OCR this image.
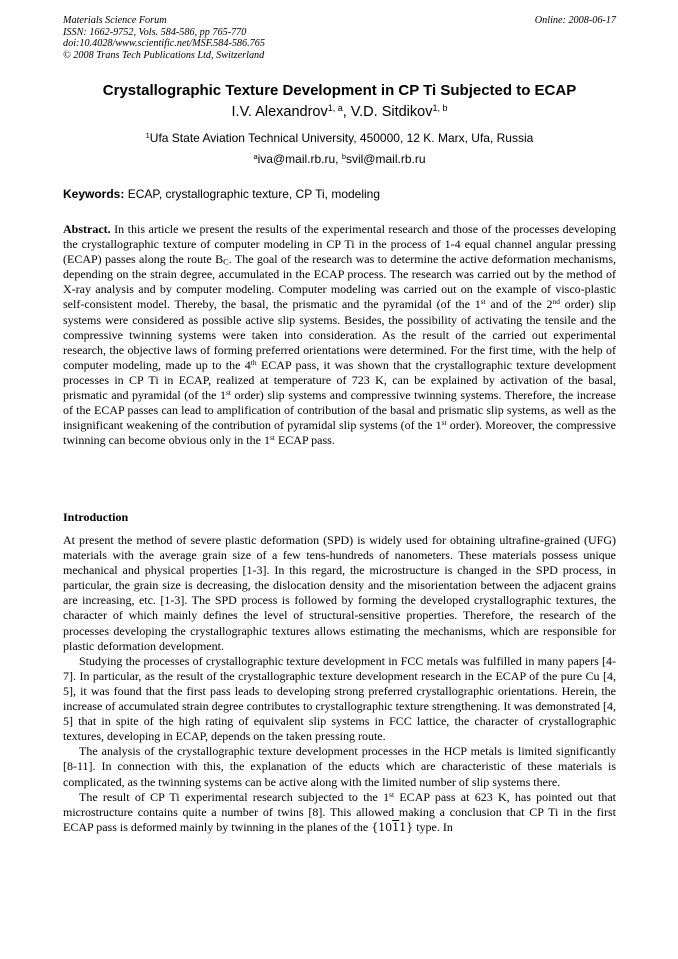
Materials Science Forum
ISSN: 1662-9752, Vols. 584-586, pp 765-770
doi:10.4028/www.scientific.net/MSF.584-586.765
© 2008 Trans Tech Publications Ltd, Switzerland
Online: 2008-06-17
Crystallographic Texture Development in CP Ti Subjected to ECAP
I.V. Alexandrov$^{1, a}$, V.D. Sitdikov$^{1, b}$
$^1$Ufa State Aviation Technical University, 450000, 12 K. Marx, Ufa, Russia
$^a$iva@mail.rb.ru, $^b$svil@mail.rb.ru
Keywords: ECAP, crystallographic texture, CP Ti, modeling

Abstract. In this article we present the results of the experimental research and those of the processes developing the crystallographic texture of computer modeling in CP Ti in the process of 1-4 equal channel angular pressing (ECAP) passes along the route $B_C$. The goal of the research was to determine the active deformation mechanisms, depending on the strain degree, accumulated in the ECAP process. The research was carried out by the method of X-ray analysis and by computer modeling. Computer modeling was carried out on the example of visco-plastic self-consistent model. Thereby, the basal, the prismatic and the pyramidal (of the 1st and of the 2nd order) slip systems were considered as possible active slip systems. Besides, the possibility of activating the tensile and the compressive twinning systems were taken into consideration. As the result of the carried out experimental research, the objective laws of forming preferred orientations were determined. For the first time, with the help of computer modeling, made up to the 4th ECAP pass, it was shown that the crystallographic texture development processes in CP Ti in ECAP, realized at temperature of 723 K, can be explained by activation of the basal, prismatic and pyramidal (of the 1st order) slip systems and compressive twinning systems. Therefore, the increase of the ECAP passes can lead to amplification of contribution of the basal and prismatic slip systems, as well as the insignificant weakening of the contribution of pyramidal slip systems (of the 1st order). Moreover, the compressive twinning can become obvious only in the 1st ECAP pass.

Introduction

At present the method of severe plastic deformation (SPD) is widely used for obtaining ultrafine-grained (UFG) materials with the average grain size of a few tens-hundreds of nanometers. These materials possess unique mechanical and physical properties [1-3]. In this regard, the microstructure is changed in the SPD process, in particular, the grain size is decreasing, the dislocation density and the misorientation between the adjacent grains are increasing, etc. [1-3]. The SPD process is followed by forming the developed crystallographic textures, the character of which mainly defines the level of structural-sensitive properties. Therefore, the research of the processes developing the crystallographic textures allows estimating the mechanisms, which are responsible for plastic deformation development.

Studying the processes of crystallographic texture development in FCC metals was fulfilled in many papers [4-7]. In particular, as the result of the crystallographic texture development research in the ECAP of the pure Cu [4, 5], it was found that the first pass leads to developing strong preferred crystallographic orientations. Herein, the increase of accumulated strain degree contributes to crystallographic texture strengthening. It was demonstrated [4, 5] that in spite of the high rating of equivalent slip systems in FCC lattice, the character of crystallographic textures, developing in ECAP, depends on the taken pressing route.

The analysis of the crystallographic texture development processes in the HCP metals is limited significantly [8-11]. In connection with this, the explanation of the educts which are characteristic of these materials is complicated, as the twinning systems can be active along with the limited number of slip systems there.

The result of CP Ti experimental research subjected to the 1st ECAP pass at 623 K, has pointed out that microstructure contains quite a number of twins [8]. This allowed making a conclusion that CP Ti in the first ECAP pass is deformed mainly by twinning in the planes of the {1011} type. In
